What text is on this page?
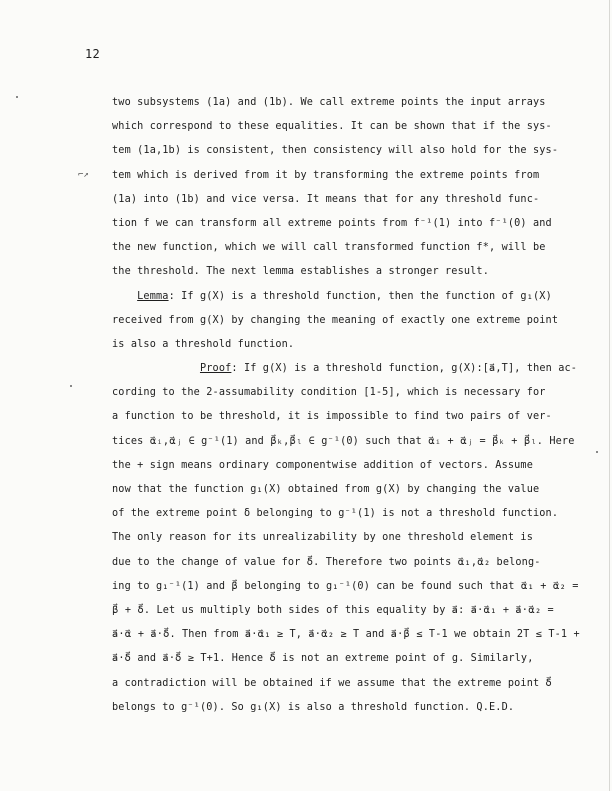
12
⌐↗
two subsystems (1a) and (1b). We call extreme points the input arrays
which correspond to these equalities. It can be shown that if the sys-
tem (1a,1b) is consistent, then consistency will also hold for the sys-
tem which is derived from it by transforming the extreme points from
(1a) into (1b) and vice versa. It means that for any threshold func-
tion f we can transform all extreme points from f⁻¹(1) into f⁻¹(0) and
the new function, which we will call transformed function f*, will be
the threshold. The next lemma establishes a stronger result.
Lemma: If g(X) is a threshold function, then the function of g₁(X)
received from g(X) by changing the meaning of exactly one extreme point
is also a threshold function.
Proof: If g(X) is a threshold function, g(X):[a⃗,T], then ac-
cording to the 2-assumability condition [1-5], which is necessary for
a function to be threshold, it is impossible to find two pairs of ver-
tices α⃗ᵢ,α⃗ⱼ ∈ g⁻¹(1) and β⃗ₖ,β⃗ₗ ∈ g⁻¹(0) such that α⃗ᵢ + α⃗ⱼ = β⃗ₖ + β⃗ₗ. Here
the + sign means ordinary componentwise addition of vectors. Assume
now that the function g₁(X) obtained from g(X) by changing the value
of the extreme point δ belonging to g⁻¹(1) is not a threshold function.
The only reason for its unrealizability by one threshold element is
due to the change of value for δ⃗. Therefore two points α⃗₁,α⃗₂ belong-
ing to g₁⁻¹(1) and β⃗ belonging to g₁⁻¹(0) can be found such that α⃗₁ + α⃗₂ =
β⃗ + δ⃗. Let us multiply both sides of this equality by a⃗: a⃗·α⃗₁ + a⃗·α⃗₂ =
a⃗·α⃗ + a⃗·δ⃗. Then from a⃗·α⃗₁ ≥ T, a⃗·α⃗₂ ≥ T and a⃗·β⃗ ≤ T-1 we obtain 2T ≤ T-1 +
a⃗·δ⃗ and a⃗·δ⃗ ≥ T+1. Hence δ⃗ is not an extreme point of g. Similarly,
a contradiction will be obtained if we assume that the extreme point δ⃗
belongs to g⁻¹(0). So g₁(X) is also a threshold function. Q.E.D.
